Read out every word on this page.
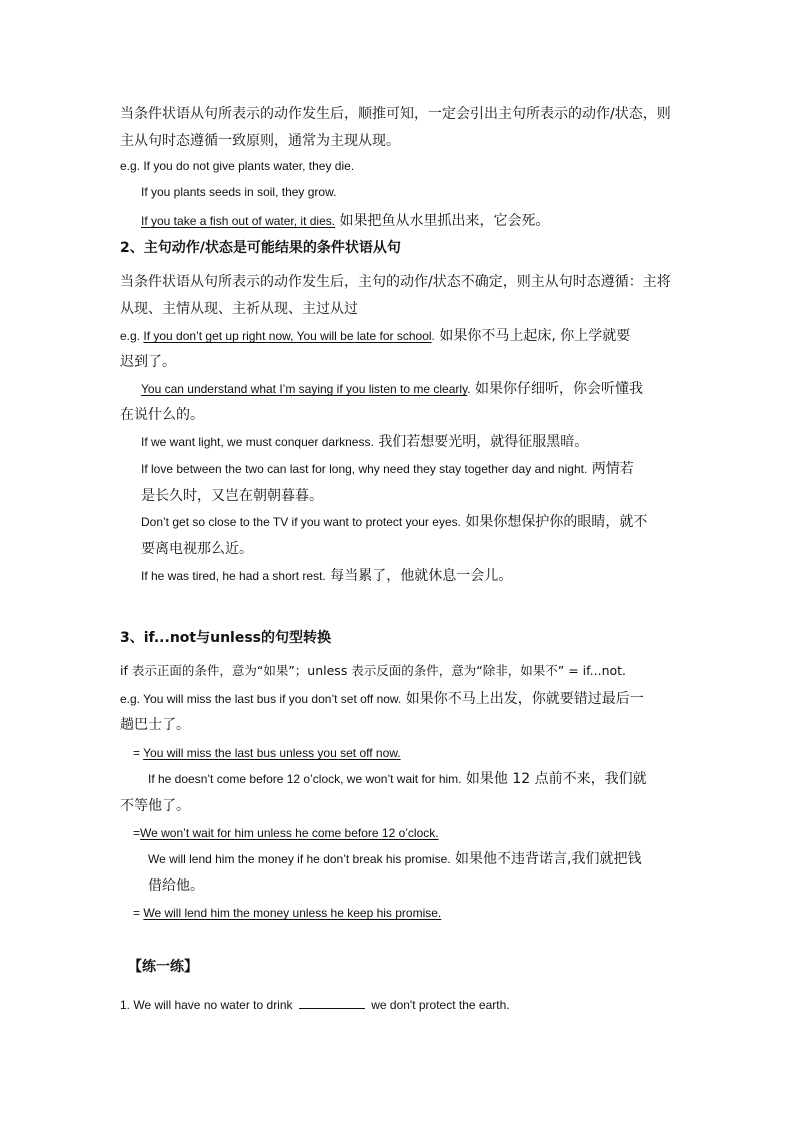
当条件状语从句所表示的动作发生后，顺推可知，一定会引出主句所表示的动作/状态，则
主从句时态遵循一致原则，通常为主现从现。
e.g. If you do not give plants water, they die.
If you plants seeds in soil, they grow.
If you take a fish out of water, it dies. 如果把鱼从水里抓出来，它会死。
2、主句动作/状态是可能结果的条件状语从句
当条件状语从句所表示的动作发生后，主句的动作/状态不确定，则主从句时态遵循：主将
从现、主情从现、主祈从现、主过从过
e.g. If you don’t get up right now, You will be late for school. 如果你不马上起床, 你上学就要
迟到了。
You can understand what I’m saying if you listen to me clearly. 如果你仔细听，你会听懂我
在说什么的。
If we want light, we must conquer darkness. 我们若想要光明，就得征服黑暗。
If love between the two can last for long, why need they stay together day and night. 两情若
是长久时，又岂在朝朝暮暮。
Don’t get so close to the TV if you want to protect your eyes. 如果你想保护你的眼睛，就不
要离电视那么近。
If he was tired, he had a short rest. 每当累了，他就休息一会儿。
3、if...not与unless的句型转换
if 表示正面的条件，意为“如果”；unless 表示反面的条件，意为“除非，如果不” = if...not.
e.g. You will miss the last bus if you don’t set off now. 如果你不马上出发，你就要错过最后一
趟巴士了。
= You will miss the last bus unless you set off now.
If he doesn’t come before 12 o’clock, we won’t wait for him. 如果他 12 点前不来，我们就
不等他了。
=We won’t wait for him unless he come before 12 o’clock.
We will lend him the money if he don’t break his promise. 如果他不违背诺言,我们就把钱
借给他。
= We will lend him the money unless he keep his promise.
【练一练】
1. We will have no water to drink	we don't protect the earth.
